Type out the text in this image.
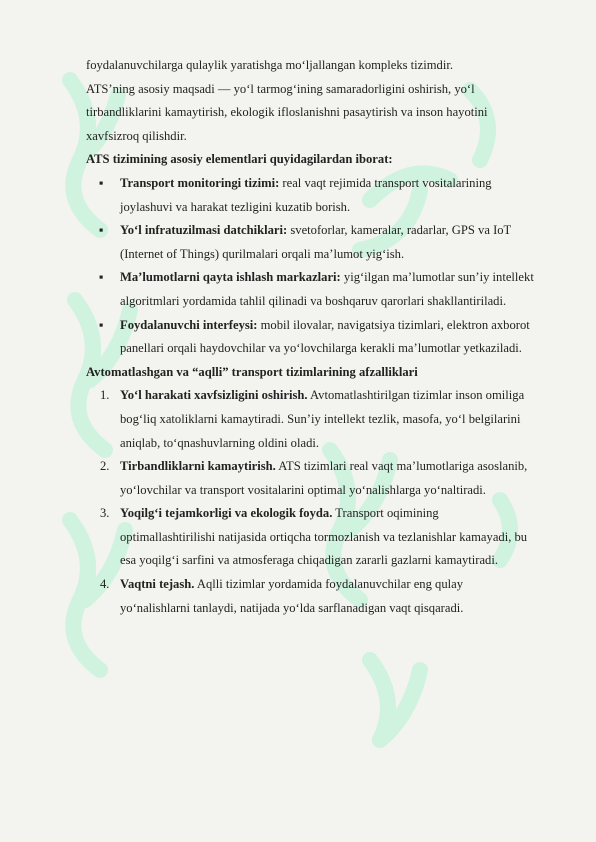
foydalanuvchilarga qulaylik yaratishga mo‘ljallangan kompleks tizimdir.

ATS’ning asosiy maqsadi — yo‘l tarmog‘ining samaradorligini oshirish, yo‘l tirbandliklarini kamaytirish, ekologik ifloslanishni pasaytirish va inson hayotini xavfsizroq qilishdir.

ATS tizimining asosiy elementlari quyidagilardan iborat:

▪ Transport monitoringi tizimi: real vaqt rejimida transport vositalarining joylashuvi va harakat tezligini kuzatib borish.
▪ Yo‘l infratuzilmasi datchiklari: svetoforlar, kameralar, radarlar, GPS va IoT (Internet of Things) qurilmalari orqali ma’lumot yig‘ish.
▪ Ma’lumotlarni qayta ishlash markazlari: yig‘ilgan ma’lumotlar sun’iy intellekt algoritmlari yordamida tahlil qilinadi va boshqaruv qarorlari shakllantiriladi.
▪ Foydalanuvchi interfeysi: mobil ilovalar, navigatsiya tizimlari, elektron axborot panellari orqali haydovchilar va yo‘lovchilarga kerakli ma’lumotlar yetkaziladi.

Avtomatlashgan va “aqlli” transport tizimlarining afzalliklari

1. Yo‘l harakati xavfsizligini oshirish. Avtomatlashtirilgan tizimlar inson omiliga bog‘liq xatoliklarni kamaytiradi. Sun’iy intellekt tezlik, masofa, yo‘l belgilarini aniqlab, to‘qnashuvlarning oldini oladi.
2. Tirbandliklarni kamaytirish. ATS tizimlari real vaqt ma’lumotlariga asoslanib, yo‘lovchilar va transport vositalarini optimal yo‘nalishlarga yo‘naltiradi.
3. Yoqilg‘i tejamkorligi va ekologik foyda. Transport oqimining optimallashtirilishi natijasida ortiqcha tormozlanish va tezlanishlar kamayadi, bu esa yoqilg‘i sarfini va atmosferaga chiqadigan zararli gazlarni kamaytiradi.
4. Vaqtni tejash. Aqlli tizimlar yordamida foydalanuvchilar eng qulay yo‘nalishlarni tanlaydi, natijada yo‘lda sarflanadigan vaqt qisqaradi.
